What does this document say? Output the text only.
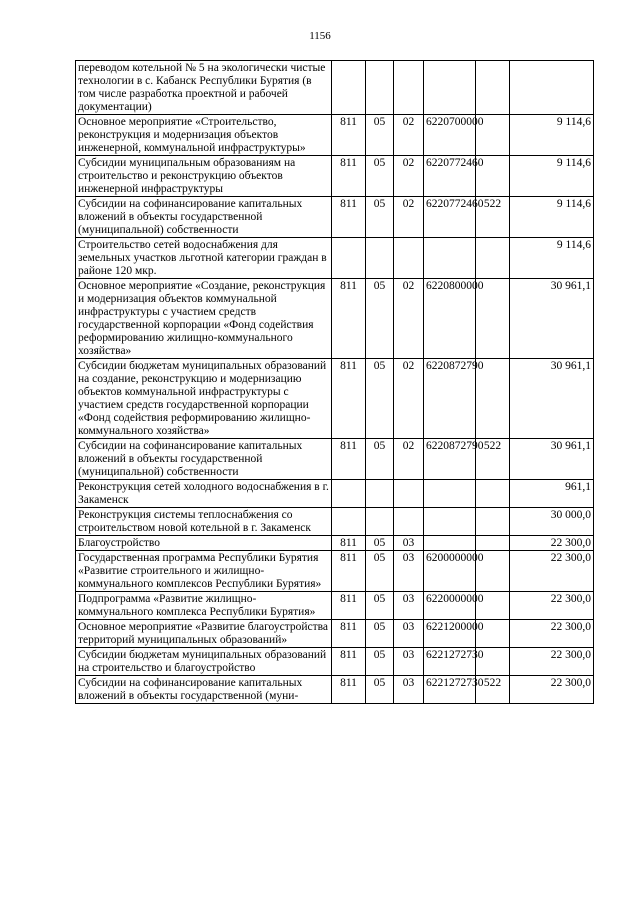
1156
переводом котельной № 5 на экологически чистые технологии в с. Кабанск Республики Бурятия (в том числе разработка проектной и рабочей документации)						
Основное мероприятие «Строительство, реконструкция и модернизация объектов инженерной, коммунальной инфраструктуры»	811	05	02	6220700000		9 114,6
Субсидии муниципальным образованиям на строительство и реконструкцию объектов инженерной инфраструктуры	811	05	02	6220772460		9 114,6
Субсидии на софинансирование капитальных вложений в объекты государственной (муниципальной) собственности	811	05	02	6220772460	522	9 114,6
Строительство сетей водоснабжения для земельных участков льготной категории граждан в районе 120 мкр.						9 114,6
Основное мероприятие «Создание, реконструкция и модернизация объектов коммунальной инфраструктуры с участием средств государственной корпорации «Фонд содействия реформированию жилищно-коммунального хозяйства»	811	05	02	6220800000		30 961,1
Субсидии бюджетам муниципальных образований на создание, реконструкцию и модернизацию объектов коммунальной инфраструктуры с участием средств государственной корпорации «Фонд содействия реформированию жилищно-коммунального хозяйства»	811	05	02	6220872790		30 961,1
Субсидии на софинансирование капитальных вложений в объекты государственной (муниципальной) собственности	811	05	02	6220872790	522	30 961,1
Реконструкция сетей холодного водоснабжения в г. Закаменск						961,1
Реконструкция системы теплоснабжения со строительством новой котельной в г. Закаменск						30 000,0
Благоустройство	811	05	03			22 300,0
Государственная программа Республики Бурятия «Развитие строительного и жилищно-коммунального комплексов Республики Бурятия»	811	05	03	6200000000		22 300,0
Подпрограмма «Развитие жилищно-коммунального комплекса Республики Бурятия»	811	05	03	6220000000		22 300,0
Основное мероприятие «Развитие благоустройства территорий муниципальных образований»	811	05	03	6221200000		22 300,0
Субсидии бюджетам муниципальных образований на строительство и благоустройство	811	05	03	6221272730		22 300,0
Субсидии на софинансирование капитальных вложений в объекты государственной (муни-	811	05	03	6221272730	522	22 300,0
